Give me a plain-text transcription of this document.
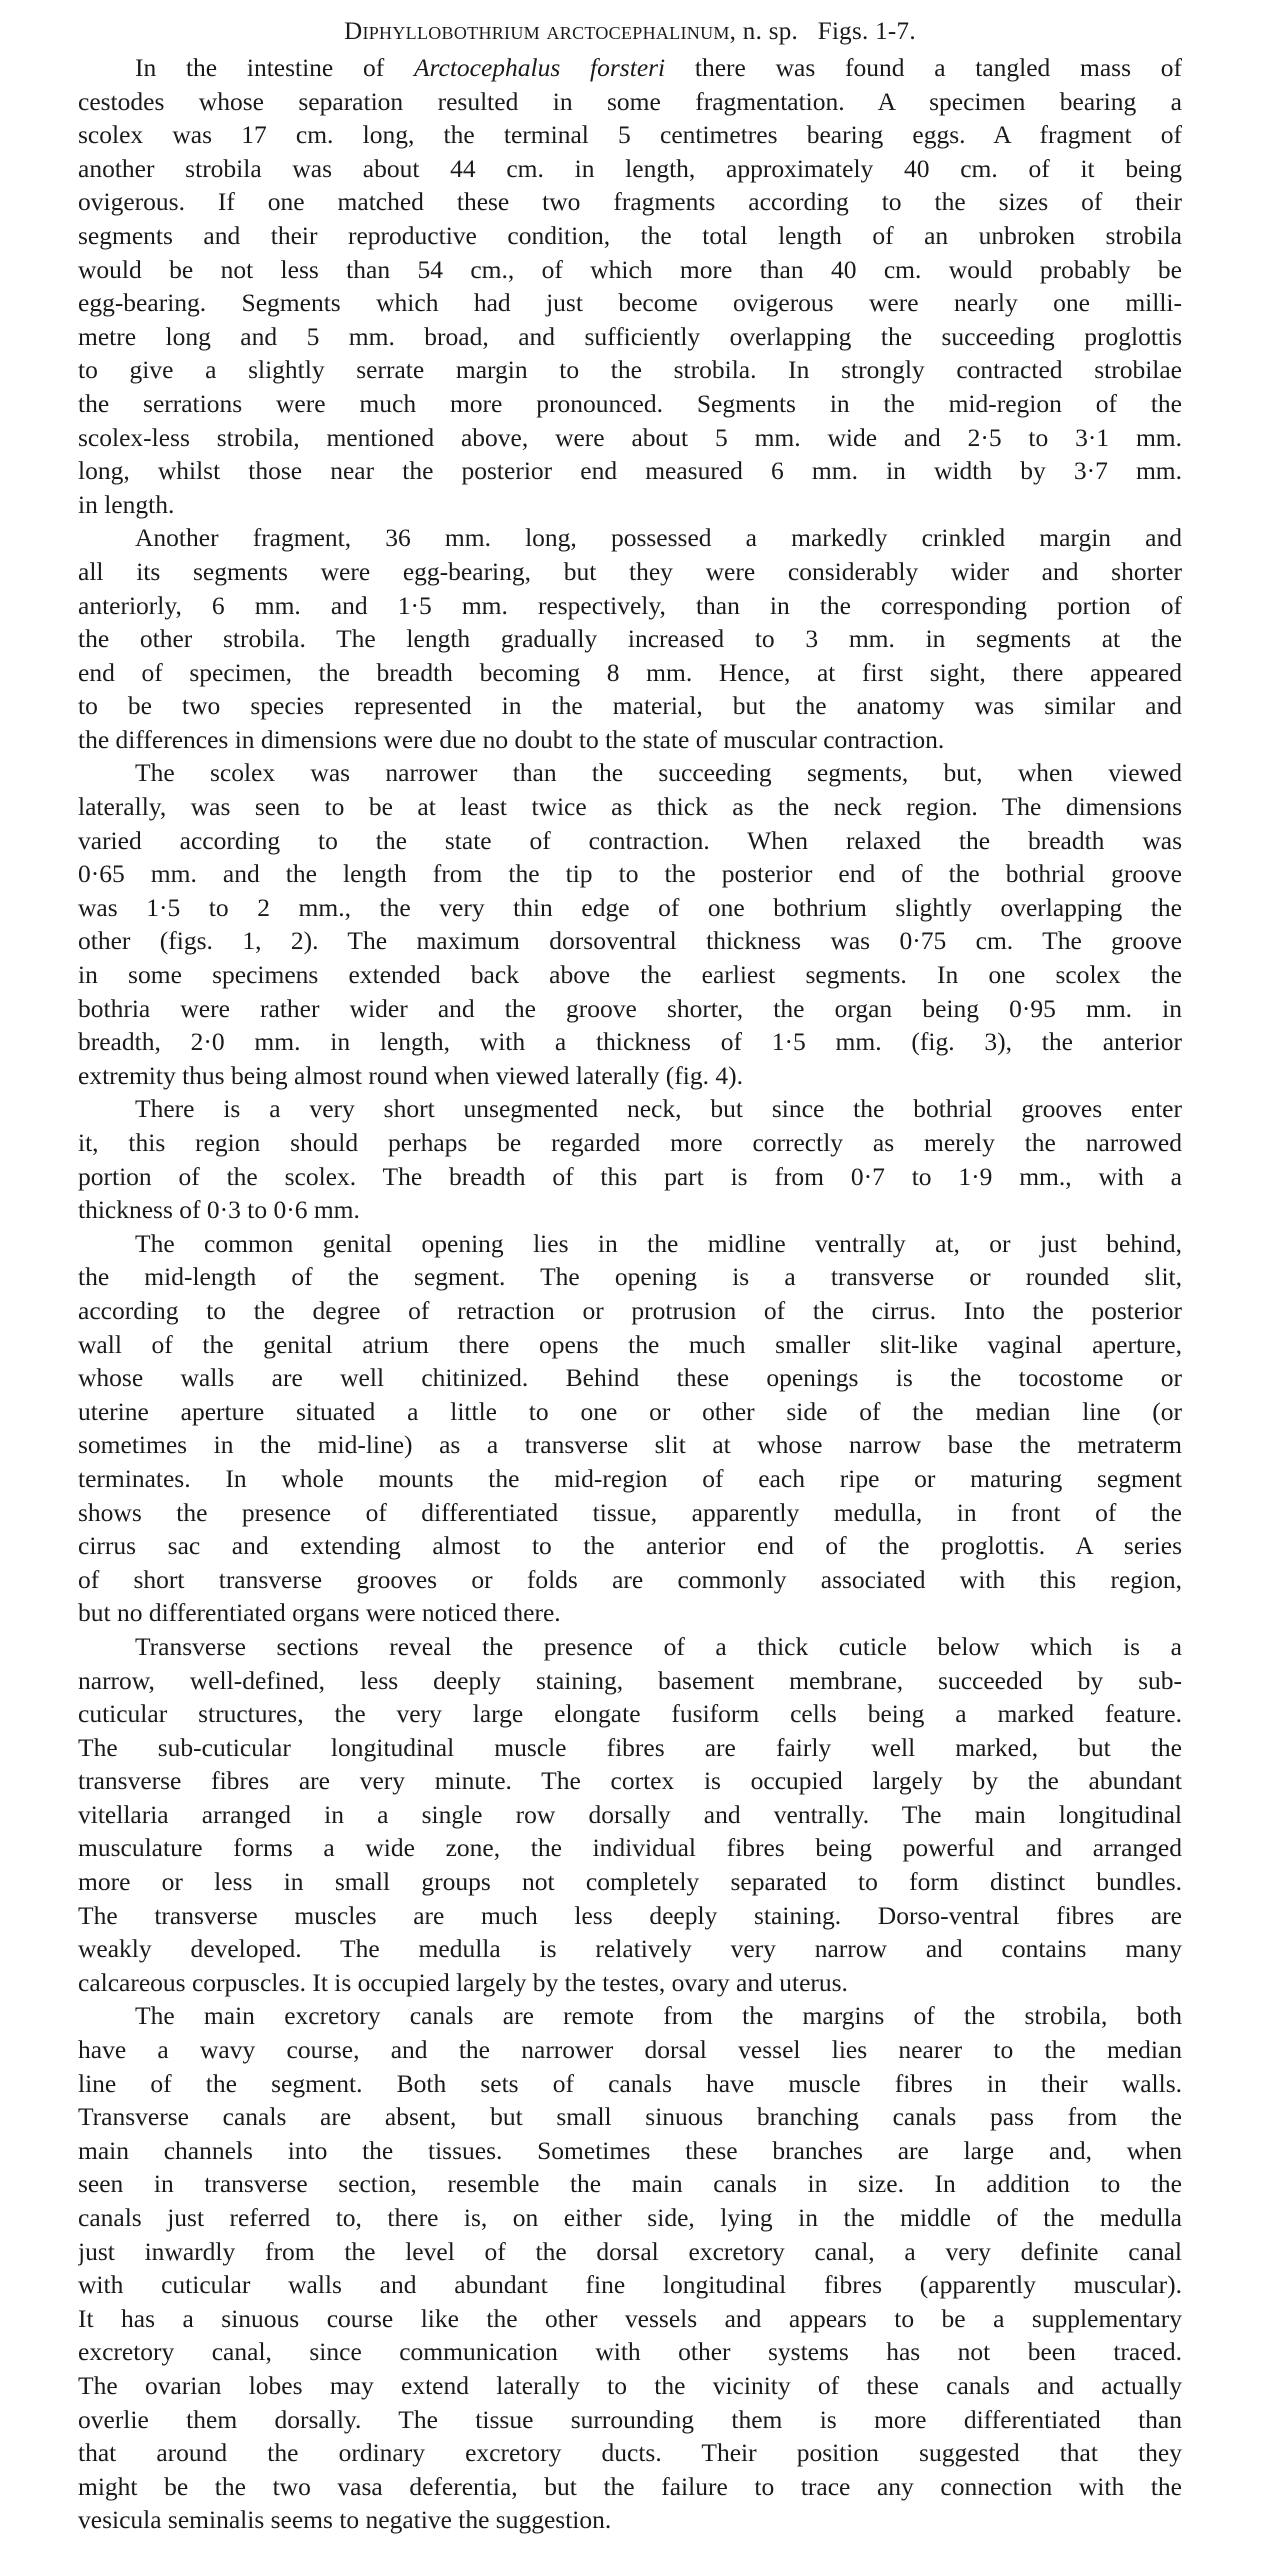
Diphyllobothrium arctocephalinum, n. sp. Figs. 1-7.
In the intestine of Arctocephalus forsteri there was found a tangled mass of
cestodes whose separation resulted in some fragmentation. A specimen bearing a
scolex was 17 cm. long, the terminal 5 centimetres bearing eggs. A fragment of
another strobila was about 44 cm. in length, approximately 40 cm. of it being
ovigerous. If one matched these two fragments according to the sizes of their
segments and their reproductive condition, the total length of an unbroken strobila
would be not less than 54 cm., of which more than 40 cm. would probably be
egg-bearing. Segments which had just become ovigerous were nearly one milli-
metre long and 5 mm. broad, and sufficiently overlapping the succeeding proglottis
to give a slightly serrate margin to the strobila. In strongly contracted strobilae
the serrations were much more pronounced. Segments in the mid-region of the
scolex-less strobila, mentioned above, were about 5 mm. wide and 2·5 to 3·1 mm.
long, whilst those near the posterior end measured 6 mm. in width by 3·7 mm.
in length.
Another fragment, 36 mm. long, possessed a markedly crinkled margin and
all its segments were egg-bearing, but they were considerably wider and shorter
anteriorly, 6 mm. and 1·5 mm. respectively, than in the corresponding portion of
the other strobila. The length gradually increased to 3 mm. in segments at the
end of specimen, the breadth becoming 8 mm. Hence, at first sight, there appeared
to be two species represented in the material, but the anatomy was similar and
the differences in dimensions were due no doubt to the state of muscular contraction.
The scolex was narrower than the succeeding segments, but, when viewed
laterally, was seen to be at least twice as thick as the neck region. The dimensions
varied according to the state of contraction. When relaxed the breadth was
0·65 mm. and the length from the tip to the posterior end of the bothrial groove
was 1·5 to 2 mm., the very thin edge of one bothrium slightly overlapping the
other (figs. 1, 2). The maximum dorsoventral thickness was 0·75 cm. The groove
in some specimens extended back above the earliest segments. In one scolex the
bothria were rather wider and the groove shorter, the organ being 0·95 mm. in
breadth, 2·0 mm. in length, with a thickness of 1·5 mm. (fig. 3), the anterior
extremity thus being almost round when viewed laterally (fig. 4).
There is a very short unsegmented neck, but since the bothrial grooves enter
it, this region should perhaps be regarded more correctly as merely the narrowed
portion of the scolex. The breadth of this part is from 0·7 to 1·9 mm., with a
thickness of 0·3 to 0·6 mm.
The common genital opening lies in the midline ventrally at, or just behind,
the mid-length of the segment. The opening is a transverse or rounded slit,
according to the degree of retraction or protrusion of the cirrus. Into the posterior
wall of the genital atrium there opens the much smaller slit-like vaginal aperture,
whose walls are well chitinized. Behind these openings is the tocostome or
uterine aperture situated a little to one or other side of the median line (or
sometimes in the mid-line) as a transverse slit at whose narrow base the metraterm
terminates. In whole mounts the mid-region of each ripe or maturing segment
shows the presence of differentiated tissue, apparently medulla, in front of the
cirrus sac and extending almost to the anterior end of the proglottis. A series
of short transverse grooves or folds are commonly associated with this region,
but no differentiated organs were noticed there.
Transverse sections reveal the presence of a thick cuticle below which is a
narrow, well-defined, less deeply staining, basement membrane, succeeded by sub-
cuticular structures, the very large elongate fusiform cells being a marked feature.
The sub-cuticular longitudinal muscle fibres are fairly well marked, but the
transverse fibres are very minute. The cortex is occupied largely by the abundant
vitellaria arranged in a single row dorsally and ventrally. The main longitudinal
musculature forms a wide zone, the individual fibres being powerful and arranged
more or less in small groups not completely separated to form distinct bundles.
The transverse muscles are much less deeply staining. Dorso-ventral fibres are
weakly developed. The medulla is relatively very narrow and contains many
calcareous corpuscles. It is occupied largely by the testes, ovary and uterus.
The main excretory canals are remote from the margins of the strobila, both
have a wavy course, and the narrower dorsal vessel lies nearer to the median
line of the segment. Both sets of canals have muscle fibres in their walls.
Transverse canals are absent, but small sinuous branching canals pass from the
main channels into the tissues. Sometimes these branches are large and, when
seen in transverse section, resemble the main canals in size. In addition to the
canals just referred to, there is, on either side, lying in the middle of the medulla
just inwardly from the level of the dorsal excretory canal, a very definite canal
with cuticular walls and abundant fine longitudinal fibres (apparently muscular).
It has a sinuous course like the other vessels and appears to be a supplementary
excretory canal, since communication with other systems has not been traced.
The ovarian lobes may extend laterally to the vicinity of these canals and actually
overlie them dorsally. The tissue surrounding them is more differentiated than
that around the ordinary excretory ducts. Their position suggested that they
might be the two vasa deferentia, but the failure to trace any connection with the
vesicula seminalis seems to negative the suggestion.
